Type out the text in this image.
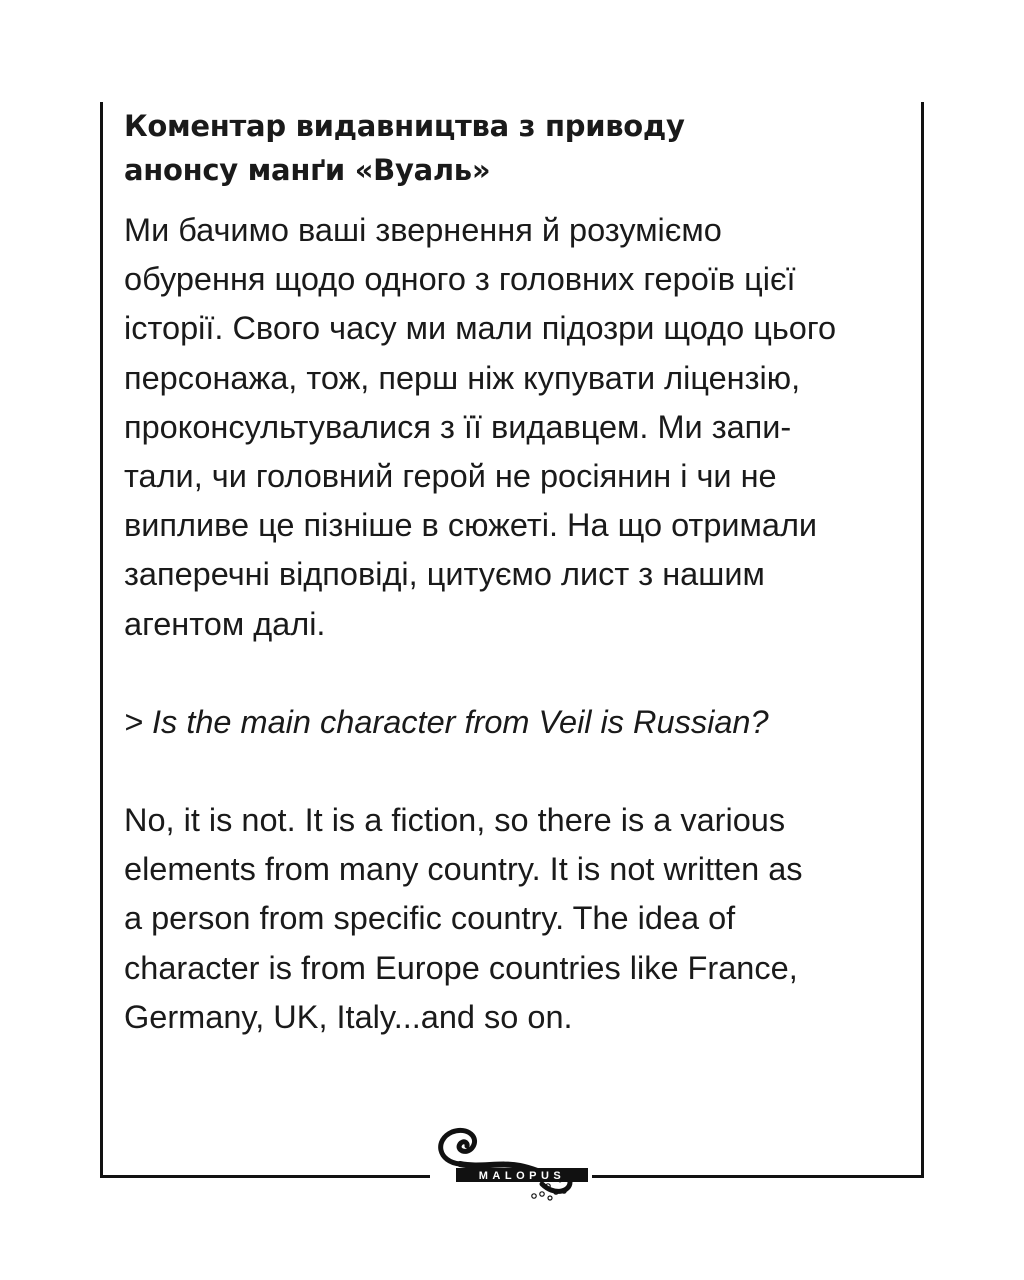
Коментар видавництва з приводу
анонсу манґи «Вуаль»

Ми бачимо ваші звернення й розуміємо
обурення щодо одного з головних героїв цієї
історії. Свого часу ми мали підозри щодо цього
персонажа, тож, перш ніж купувати ліцензію,
проконсультувалися з її видавцем. Ми запи-
тали, чи головний герой не росіянин і чи не
випливе це пізніше в сюжеті. На що отримали
заперечні відповіді, цитуємо лист з нашим
агентом далі.

> Is the main character from Veil is Russian?

No, it is not. It is a fiction, so there is a various
elements from many country. It is not written as
a person from specific country. The idea of
character is from Europe countries like France,
Germany, UK, Italy...and so on.

MALOPUS
